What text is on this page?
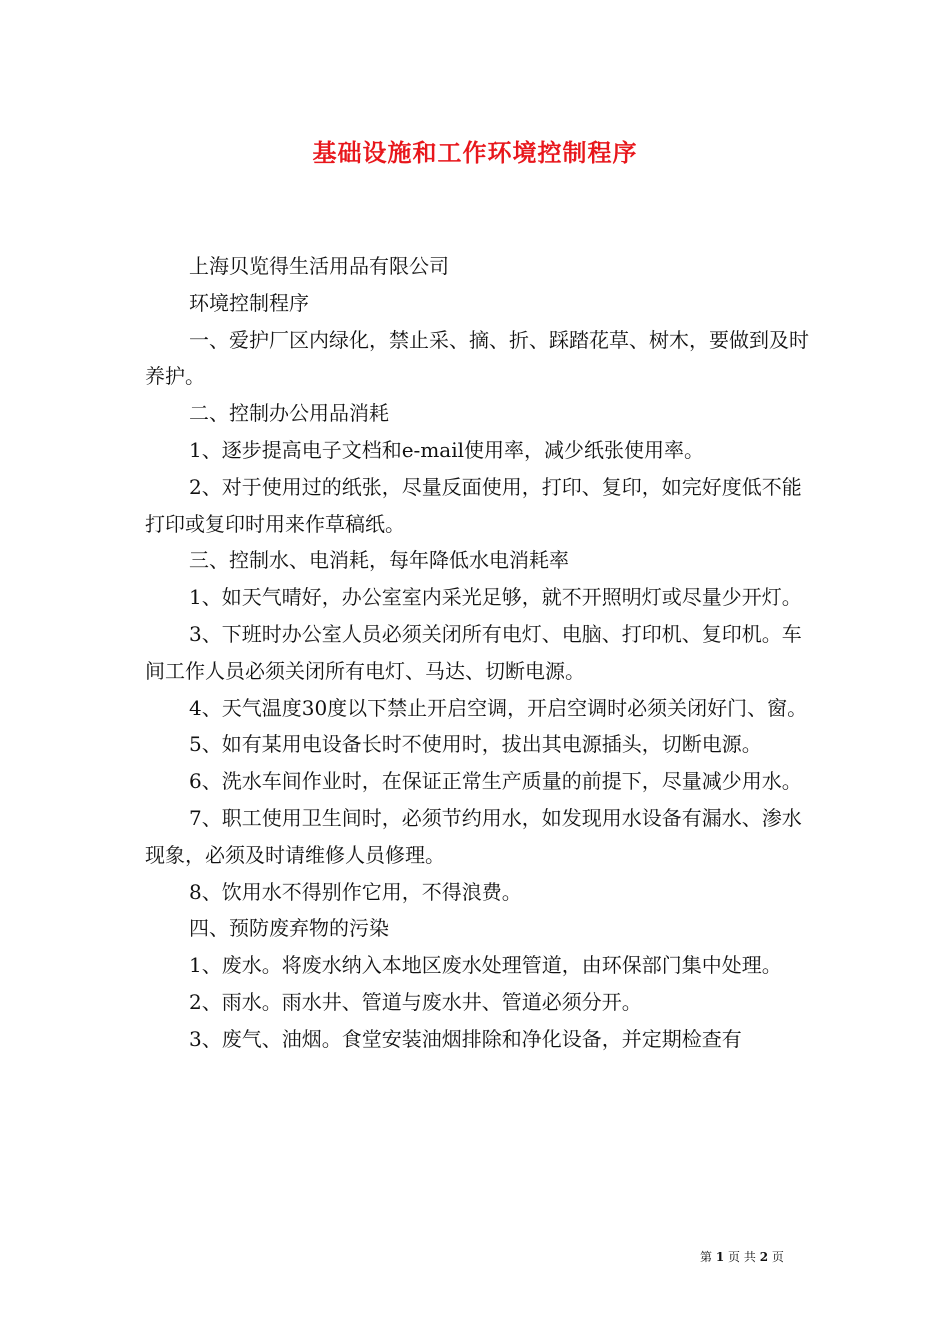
基础设施和工作环境控制程序

上海贝览得生活用品有限公司

环境控制程序

一、爱护厂区内绿化，禁止采、摘、折、踩踏花草、树木，要做到及时养护。

二、控制办公用品消耗

1、逐步提高电子文档和e-mail使用率，减少纸张使用率。

2、对于使用过的纸张，尽量反面使用，打印、复印，如完好度低不能打印或复印时用来作草稿纸。

三、控制水、电消耗，每年降低水电消耗率

1、如天气晴好，办公室室内采光足够，就不开照明灯或尽量少开灯。

3、下班时办公室人员必须关闭所有电灯、电脑、打印机、复印机。车间工作人员必须关闭所有电灯、马达、切断电源。

4、天气温度30度以下禁止开启空调，开启空调时必须关闭好门、窗。

5、如有某用电设备长时不使用时，拔出其电源插头，切断电源。

6、洗水车间作业时，在保证正常生产质量的前提下，尽量减少用水。

7、职工使用卫生间时，必须节约用水，如发现用水设备有漏水、渗水现象，必须及时请维修人员修理。

8、饮用水不得别作它用，不得浪费。

四、预防废弃物的污染

1、废水。将废水纳入本地区废水处理管道，由环保部门集中处理。

2、雨水。雨水井、管道与废水井、管道必须分开。

3、废气、油烟。食堂安装油烟排除和净化设备，并定期检查有

第 1 页 共 2 页
